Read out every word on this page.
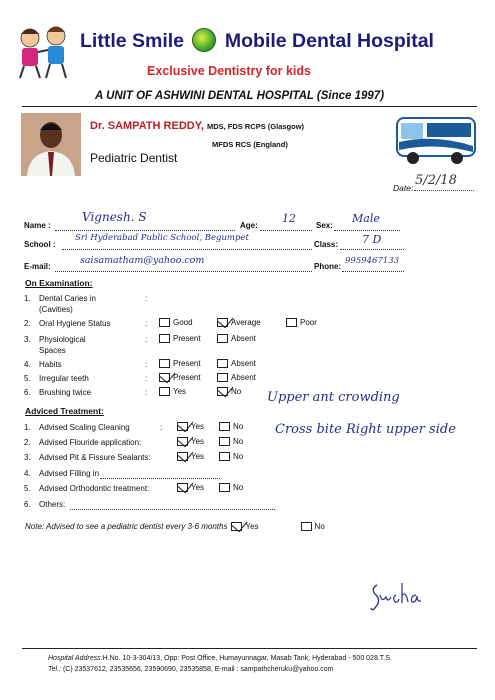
Little Smile Mobile Dental Hospital
Exclusive Dentistry for kids
A UNIT OF ASHWINI DENTAL HOSPITAL (Since 1997)
Dr. SAMPATH REDDY, MDS, FDS RCPS (Glasgow)
MFDS RCS (England)
Pediatric Dentist
Date: 5/2/18
Name :
Vignesh. S
Age:
12
Sex:
Male
School :
Sri Hyderabad Public School, Begumpet
Class: 7 D
E-mail:
saisamatham@yahoo.com
Phone:
9959467133
On Examination:
1. Dental Caries in
(Cavities)
:
2. Oral Hygiene Status	:	Good	Average	Poor
3. Physiological
Spaces
:	Present	Absent
4. Habits	:	Present	Absent
5. Irregular teeth	:	Present	Absent
6. Brushing twice	:	Yes	No Upper ant crowding
Cross bite Right upper side
Adviced Treatment:
1. Advised Scaling Cleaning	:	Yes	No
2. Advised Flouride application:	Yes	No
3. Advised Pit & Fissure Sealants:	Yes	No
4. Advised Filling in
5. Advised Orthodontic treatment:	Yes	No
6. Others:
Note: Advised to see a pediatric dentist every 3-6 months Yes	No
Hospital Address:H.No. 10-3-304/13, Opp: Post Office, Humayunnagar, Masab Tank, Hyderabad - 500 028.T.S.
Tel.: (C) 23537612, 23535656, 23590690, 23535858, E-mail : sampathcheruku@yahoo.com
